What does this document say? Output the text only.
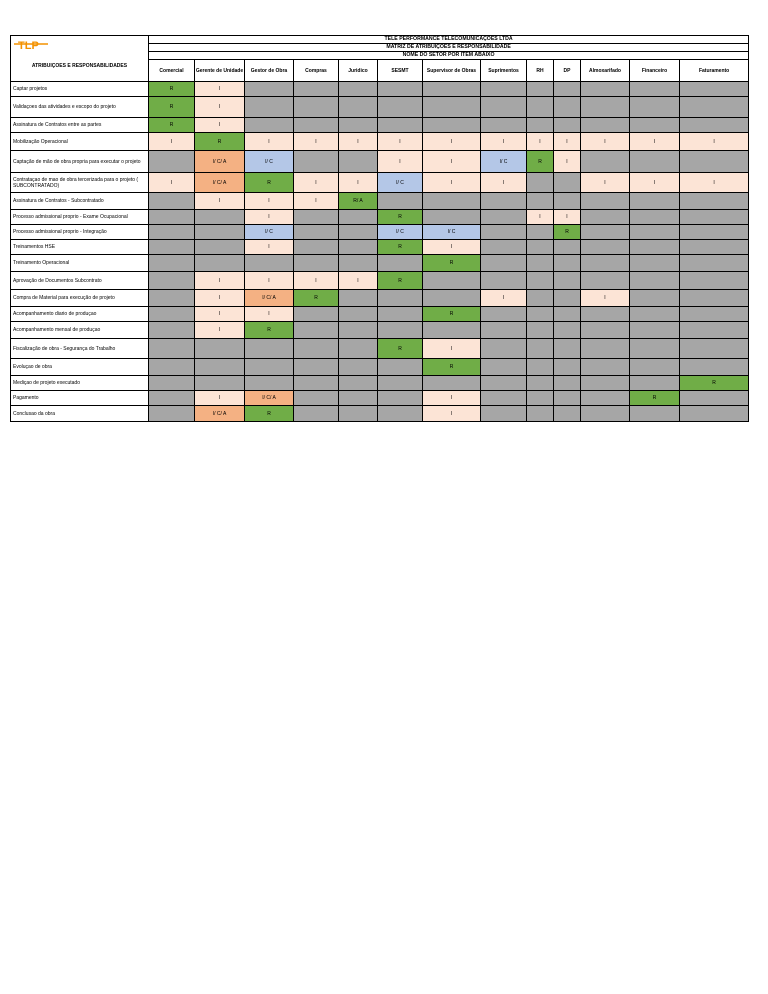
TLP
ATRIBUIÇOES E RESPONSABILIDADES	TELE PERFORMANCE TELECOMUNICAÇOES LTDA												
	MATRIZ DE ATRIBUIÇOES E RESPONSABILIDADE												
	NOME DO SETOR POR ITEM ABAIXO												
	Comercial	Gerente de Unidade	Gestor de Obra	Compras	Juridico	SESMT	Supervisor de Obras	Suprimentos	RH	DP	Almoxarifado	Financeiro	Faturamento
Captar projetos	R	I											
Validaçoes das atividades e escopo do projeto	R	I											
Assinatura de Contratos entre as partes	R	I											
Mobilização Operacional	I	R	I	I	I	I	I	I	I	I	I	I	I
Captação de mão de obra propria para executar o projeto		I/ C/ A	I/ C			I	I	I/ C	R	I			
Contrataçao de mao de obra tercerizada para o projeto ( SUBCONTRATADO)	I	I/ C/ A	R	I	I	I/ C	I	I			I	I	I
Assinatura de Contratos - Subcontratado		I	I	I	R/ A								
Processo admissional proprio - Exame Ocupacional			I			R			I	I			
Processo admissional proprio - Integração			I/ C			I/ C	I/ C			R			
Treinamentos HSE			I			R	I						
Treinamento Operacional							R						
Aprovação de Documentos Subcontrato		I	I	I	I	R							
Compra de Material para execução de projeto		I	I/ C/ A	R				I			I		
Acompanhamento diario de produçao		I	I				R						
Acompanhamento mensal de produçao		I	R										
Fiscalização de obra - Segurança do Trabalho						R	I						
Evoluçao de obra							R						
Mediçao de projeto executado													R
Pagamento		I	I/ C/ A				I					R	
Conclusao da obra		I/ C/ A	R				I						
